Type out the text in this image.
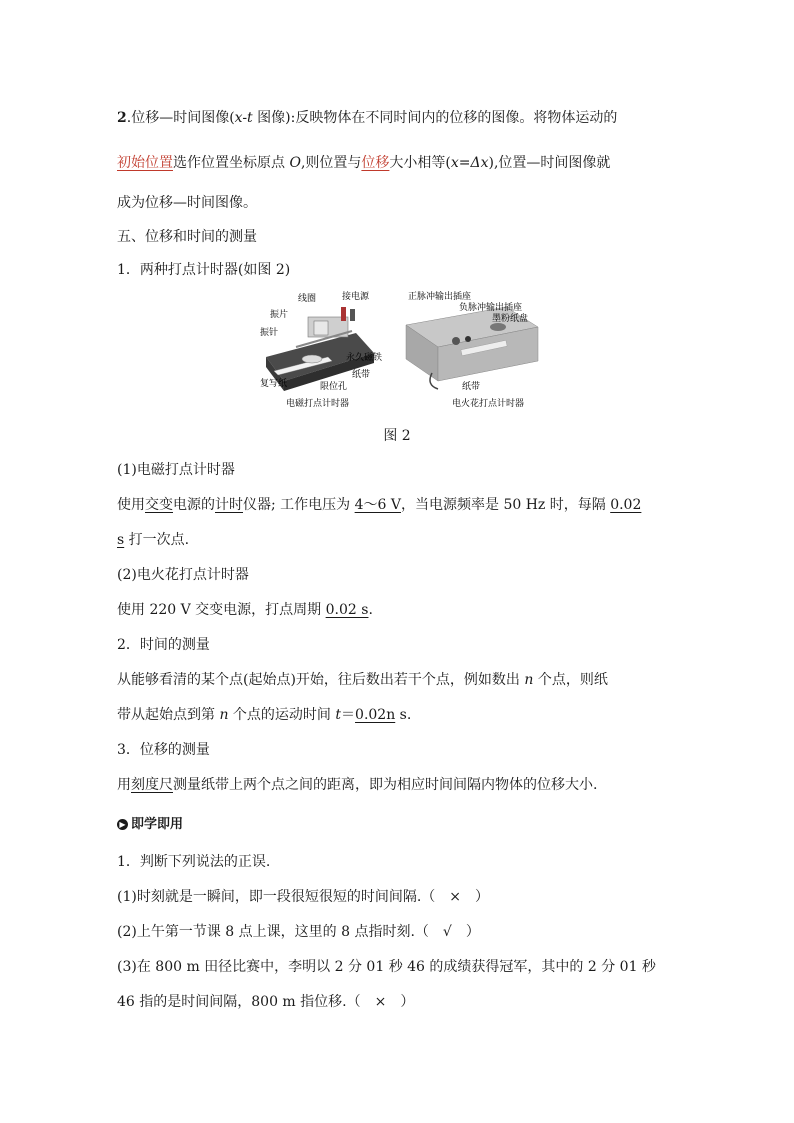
2.位移—时间图像(x-t 图像):反映物体在不同时间内的位移的图像。将物体运动的
初始位置选作位置坐标原点 O,则位置与位移大小相等(x=Δx),位置—时间图像就
成为位移—时间图像。
五、位移和时间的测量
1．两种打点计时器(如图 2)
线圈	接电源
振片
振针
永久磁铁
纸带
复写纸	限位孔
电磁打点计时器
正脉冲输出插座
负脉冲输出插座
墨粉纸盘
纸带
电火花打点计时器
图 2
(1)电磁打点计时器
使用交变电源的计时仪器; 工作电压为 4～6 V，当电源频率是 50 Hz 时，每隔 0.02
s 打一次点.
(2)电火花打点计时器
使用 220 V 交变电源，打点周期 0.02 s.
2．时间的测量
从能够看清的某个点(起始点)开始，往后数出若干个点，例如数出 n 个点，则纸
带从起始点到第 n 个点的运动时间 t＝0.02n s.
3．位移的测量
用刻度尺测量纸带上两个点之间的距离，即为相应时间间隔内物体的位移大小.
▶ 即学即用
1．判断下列说法的正误.
(1)时刻就是一瞬间，即一段很短很短的时间间隔.（　×　）
(2)上午第一节课 8 点上课，这里的 8 点指时刻.（　√　）
(3)在 800 m 田径比赛中，李明以 2 分 01 秒 46 的成绩获得冠军，其中的 2 分 01 秒
46 指的是时间间隔，800 m 指位移.（　×　）
